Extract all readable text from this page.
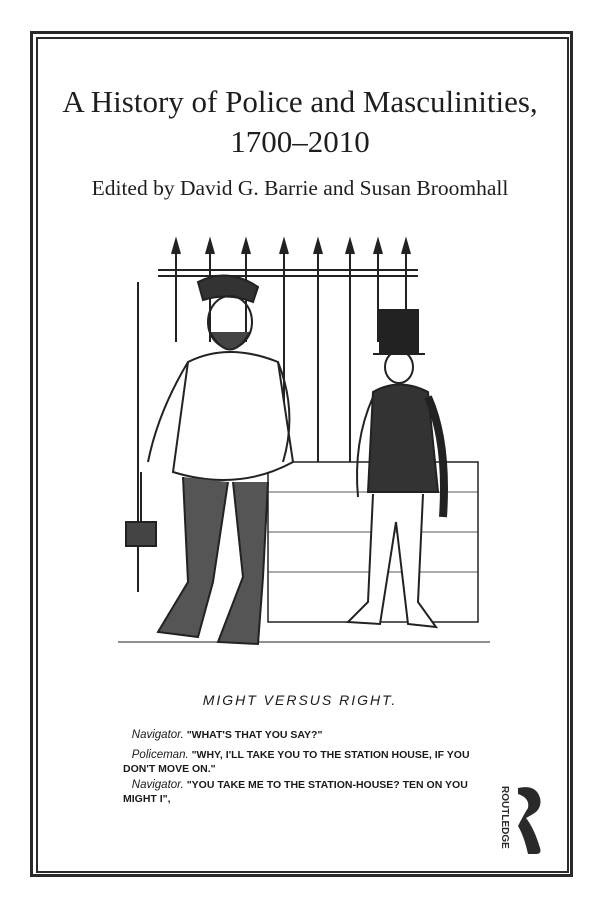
A History of Police and Masculinities,
1700–2010
Edited by David G. Barrie and Susan Broomhall
MIGHT VERSUS RIGHT.
Navigator. "WHAT'S THAT YOU SAY?"
Policeman. "WHY, I'LL TAKE YOU TO THE STATION HOUSE, IF YOU DON'T MOVE ON."
Navigator. "YOU TAKE ME TO THE STATION-HOUSE? TEN ON YOU MIGHT I",	ROUTLEDGE
